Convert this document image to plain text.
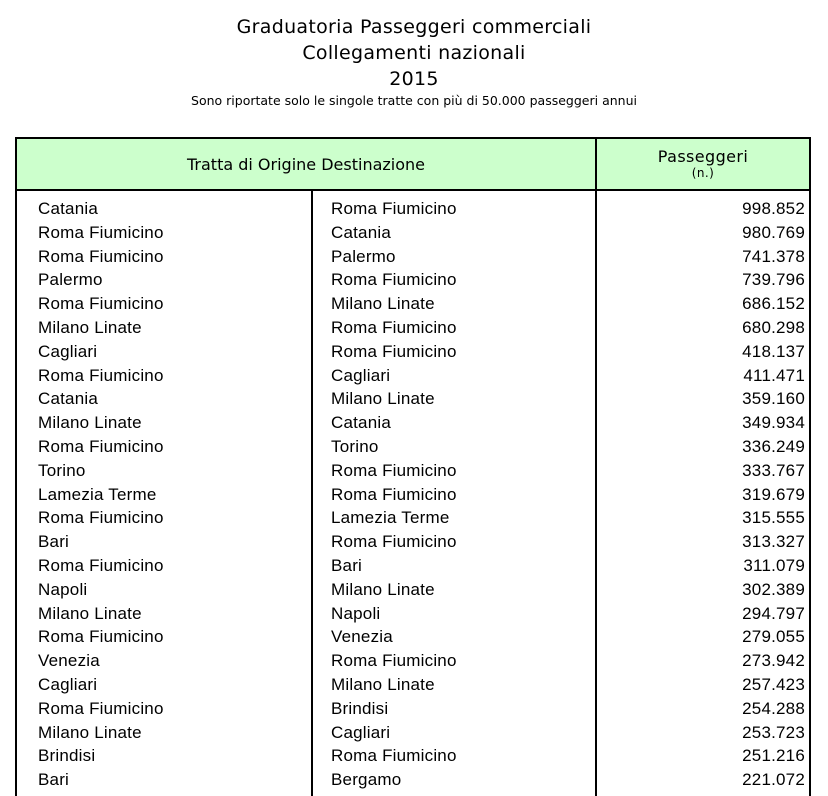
Graduatoria Passeggeri commerciali
Collegamenti nazionali
2015
Sono riportate solo le singole tratte con più di 50.000 passeggeri annui
Tratta di Origine Destinazione	Passeggeri
(n.)
Catania
Roma Fiumicino
Roma Fiumicino
Palermo
Roma Fiumicino
Milano Linate
Cagliari
Roma Fiumicino
Catania
Milano Linate
Roma Fiumicino
Torino
Lamezia Terme
Roma Fiumicino
Bari
Roma Fiumicino
Napoli
Milano Linate
Roma Fiumicino
Venezia
Cagliari
Roma Fiumicino
Milano Linate
Brindisi
Bari
Roma Fiumicino
Catania
Palermo
Roma Fiumicino
Milano Linate
Roma Fiumicino
Roma Fiumicino
Cagliari
Milano Linate
Catania
Torino
Roma Fiumicino
Roma Fiumicino
Lamezia Terme
Roma Fiumicino
Bari
Milano Linate
Napoli
Venezia
Roma Fiumicino
Milano Linate
Brindisi
Cagliari
Roma Fiumicino
Bergamo
998.852
980.769
741.378
739.796
686.152
680.298
418.137
411.471
359.160
349.934
336.249
333.767
319.679
315.555
313.327
311.079
302.389
294.797
279.055
273.942
257.423
254.288
253.723
251.216
221.072
